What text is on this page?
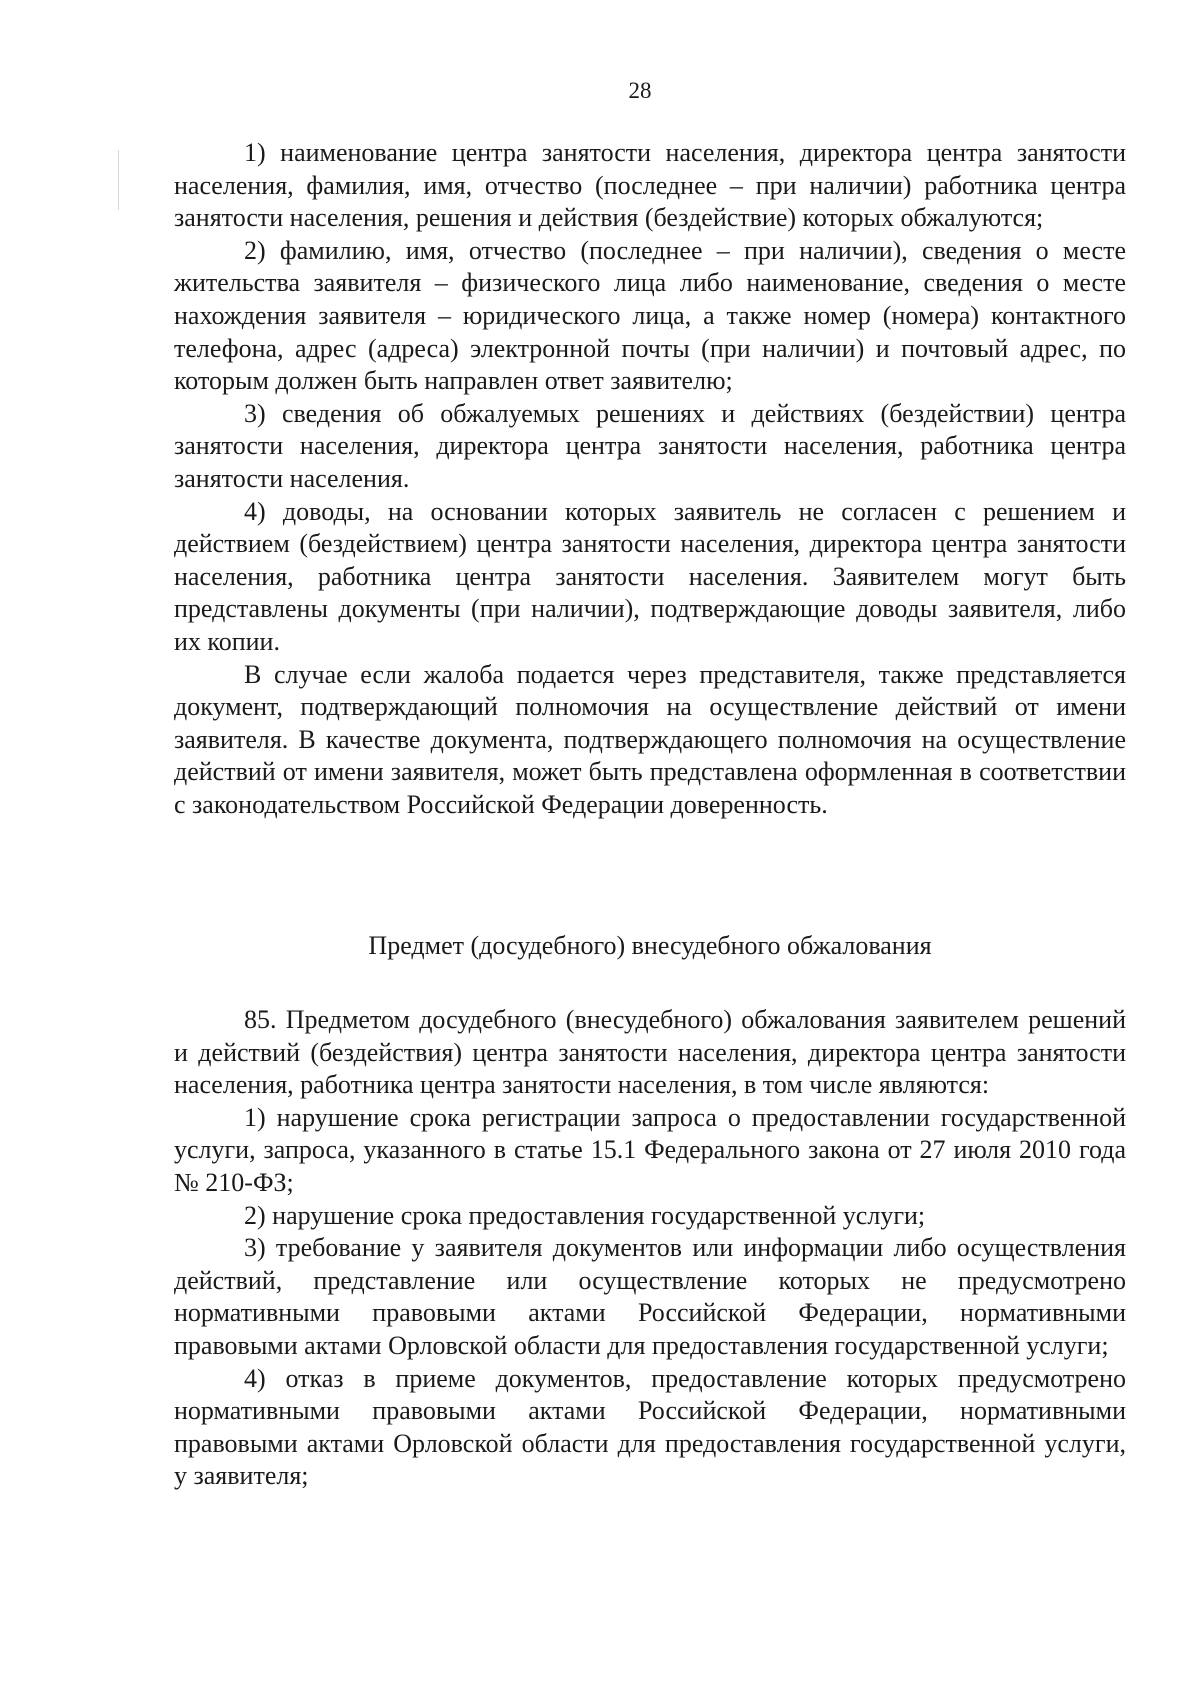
28

1) наименование центра занятости населения, директора центра занятости населения, фамилия, имя, отчество (последнее – при наличии) работника центра занятости населения, решения и действия (бездействие) которых обжалуются;

2) фамилию, имя, отчество (последнее – при наличии), сведения о месте жительства заявителя – физического лица либо наименование, сведения о месте нахождения заявителя – юридического лица, а также номер (номера) контактного телефона, адрес (адреса) электронной почты (при наличии) и почтовый адрес, по которым должен быть направлен ответ заявителю;

3) сведения об обжалуемых решениях и действиях (бездействии) центра занятости населения, директора центра занятости населения, работника центра занятости населения.

4) доводы, на основании которых заявитель не согласен с решением и действием (бездействием) центра занятости населения, директора центра занятости населения, работника центра занятости населения. Заявителем могут быть представлены документы (при наличии), подтверждающие доводы заявителя, либо их копии.

В случае если жалоба подается через представителя, также представляется документ, подтверждающий полномочия на осуществление действий от имени заявителя. В качестве документа, подтверждающего полномочия на осуществление действий от имени заявителя, может быть представлена оформленная в соответствии с законодательством Российской Федерации доверенность.

Предмет (досудебного) внесудебного обжалования

85. Предметом досудебного (внесудебного) обжалования заявителем решений и действий (бездействия) центра занятости населения, директора центра занятости населения, работника центра занятости населения, в том числе являются:

1) нарушение срока регистрации запроса о предоставлении государственной услуги, запроса, указанного в статье 15.1 Федерального закона от 27 июля 2010 года № 210-ФЗ;

2) нарушение срока предоставления государственной услуги;

3) требование у заявителя документов или информации либо осуществления действий, представление или осуществление которых не предусмотрено нормативными правовыми актами Российской Федерации, нормативными правовыми актами Орловской области для предоставления государственной услуги;

4) отказ в приеме документов, предоставление которых предусмотрено нормативными правовыми актами Российской Федерации, нормативными правовыми актами Орловской области для предоставления государственной услуги, у заявителя;
